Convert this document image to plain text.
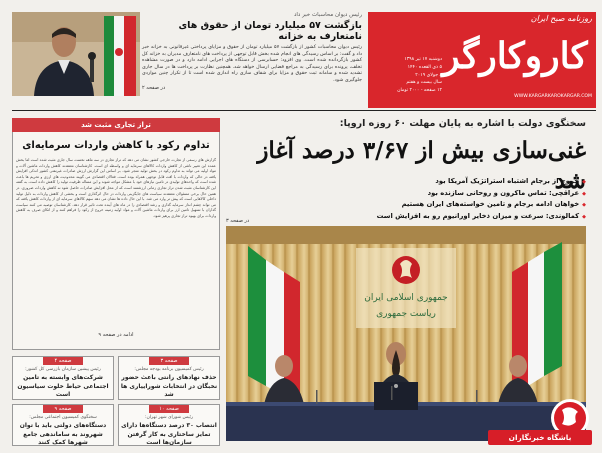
روزنامه صبح ایران
کاروکارگر
دوشنبه ۱۷ تیر ۱۳۹۸
۵ ذی القعده ۱۴۴۰
۸ جولای ۲۰۱۹
سال بیست و هفتم
۱۲ صفحه - ۲۰۰۰ تومان
WWW.KARGARKAROKARGAR.COM
رئیس دیوان محاسبات خبر داد
بازگشت ۵۷ میلیارد تومان از حقوق های نامتعارف به خزانه
رئیس دیوان محاسبات کشور از بازگشت ۵۷ میلیارد تومان از حقوق و مزایای پرداختی غیرقانونی به خزانه خبر داد و گفت: بر اساس رسیدگی های انجام شده بخش قابل توجهی از پرداخت های نامتعارف مدیران به خزانه کل کشور بازگردانده شده است. وی افزود: حسابرسی از دستگاه های اجرایی ادامه دارد و در صورت مشاهده تخلف، پرونده برای رسیدگی به مراجع قضایی ارسال خواهد شد. همچنین نظارت بر پرداخت ها در سال جاری تشدید شده و سامانه ثبت حقوق و مزایا برای شفاف سازی راه اندازی شده است تا از تکرار چنین مواردی جلوگیری شود.
در صفحه ۲
سخنگوی دولت با اشاره به پایان مهلت ۶۰ روزه اروپا:
غنی‌سازی بیش از ۳/۶۷ درصد آغاز شد
◆ خروج از برجام اشتباه استراتژیک آمریکا بود
◆ عراقچی: تماس ماکرون و روحانی سازنده بود
◆ خواهان ادامه برجام و تامین خواسته‌های ایران هستیم
◆ کمالوندی: سرعت و میزان ذخایر اورانیوم رو به افزایش است
در صفحه ۳
جمهوری اسلامی ایران
ریاست جمهوری
تراز تجاری مثبت شد
تداوم رکود با کاهش واردات سرمایه‌ای
گزارش های رسمی از تجارت خارجی کشور نشان می دهد که تراز تجاری در سه ماهه نخست سال جاری مثبت شده است اما بخش عمده این تغییر ناشی از کاهش واردات کالاهای سرمایه ای و واسطه ای است. کارشناسان معتقدند کاهش واردات ماشین آلات و مواد اولیه می تواند به تداوم رکود در بخش تولید منجر شود. بر اساس این گزارش ارزش صادرات غیرنفتی کشور اندکی افزایش یافته در حالی که واردات با افت قابل توجهی همراه بوده است. فعالان اقتصادی می گویند محدودیت های ارزی و تحریم ها باعث شده است که واحدهای تولیدی در تامین نیازهای خود با مشکل مواجه شوند و این مساله ظرفیت تولید را کاهش داده است. به گفته این کارشناسان مثبت شدن تراز تجاری زمانی ارزشمند است که از محل افزایش صادرات حاصل شود نه کاهش واردات ضروری. در همین حال برخی مسئولان معتقدند سیاست های جایگزینی واردات در حال اثرگذاری است و بخشی از کاهش واردات به دلیل تولید داخلی کالاهایی است که پیش تر وارد می شد. با این حال داده ها نشان می دهد سهم کالاهای سرمایه ای از واردات کاهش یافته که می تواند چشم انداز سرمایه گذاری و رشد اقتصادی را در ماه های آینده تحت تاثیر قرار دهد. کارشناسان توصیه می کنند سیاست گذاران با تسهیل تامین ارز برای واردات ماشین آلات و مواد اولیه زمینه خروج از رکود را فراهم کنند و از اتکای صرف به کاهش واردات برای بهبود تراز تجاری پرهیز شود.
ادامه در صفحه ۹
صفحه ۳
رئیس کمیسیون برنامه بودجه مجلس:
حذف نهادهای رانتی باعث حضور نخبگان در انتخابات شوراییاری ها شد
صفحه ۴
رئیس پیشین سازمان بازرسی کل کشور:
شرکت‌های وابسته به تامین اجتماعی حیاط خلوت سیاسیون است
صفحه ۱۰
رئیس شورای شهر تهران:
انتصاب ۳۰ درصد دستگاه‌ها دارای تمایز ساختاری به کار گرفتن سازمان‌ها است
صفحه ۹
سخنگوی کمیسیون اجتماعی مجلس:
دستگاه‌های دولتی باید با توان شهروند به ساماندهی جامع شهرها کمک کنند
باشگاه خبرنگاران
